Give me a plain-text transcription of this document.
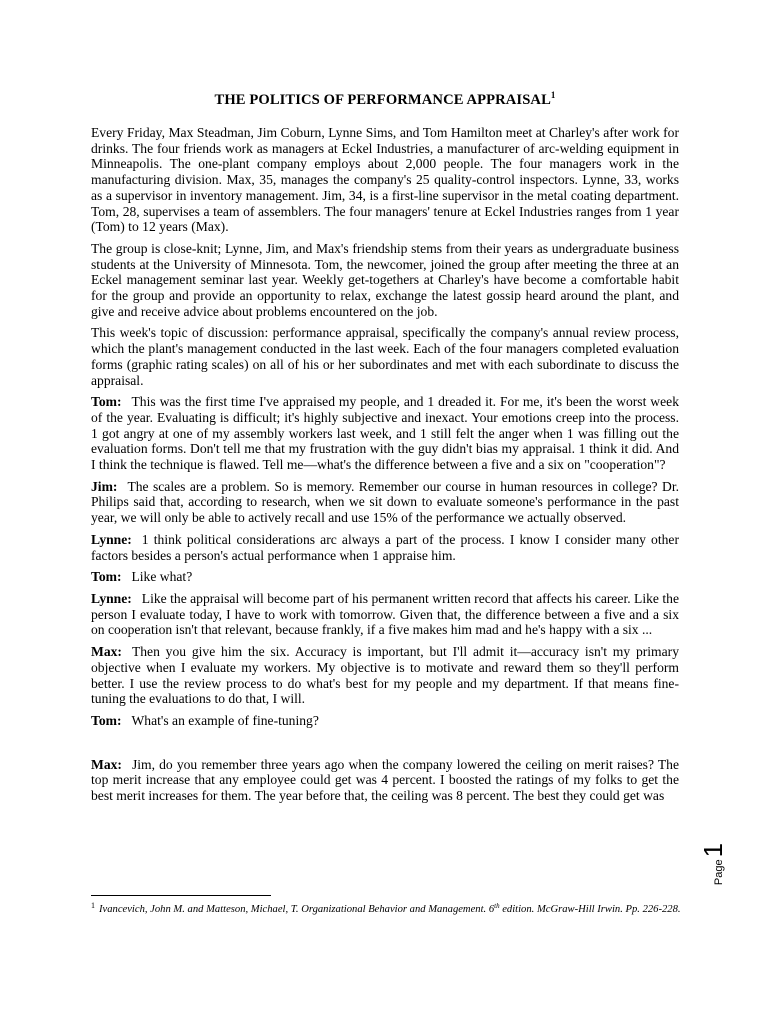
THE POLITICS OF PERFORMANCE APPRAISAL$^1$

Every Friday, Max Steadman, Jim Coburn, Lynne Sims, and Tom Hamilton meet at Charley's after work for drinks. The four friends work as managers at Eckel Industries, a manufacturer of arc-welding equipment in Minneapolis. The one-plant company employs about 2,000 people. The four managers work in the manufacturing division. Max, 35, manages the company's 25 quality-control inspectors. Lynne, 33, works as a supervisor in inventory management. Jim, 34, is a first-line supervisor in the metal coating department. Tom, 28, supervises a team of assemblers. The four managers' tenure at Eckel Industries ranges from 1 year (Tom) to 12 years (Max).

The group is close-knit; Lynne, Jim, and Max's friendship stems from their years as undergraduate business students at the University of Minnesota. Tom, the newcomer, joined the group after meeting the three at an Eckel management seminar last year. Weekly get-togethers at Charley's have become a comfortable habit for the group and provide an opportunity to relax, exchange the latest gossip heard around the plant, and give and receive advice about problems encountered on the job.

This week's topic of discussion: performance appraisal, specifically the company's annual review process, which the plant's management conducted in the last week. Each of the four managers completed evaluation forms (graphic rating scales) on all of his or her subordinates and met with each subordinate to discuss the appraisal.

Tom: This was the first time I've appraised my people, and 1 dreaded it. For me, it's been the worst week of the year. Evaluating is difficult; it's highly subjective and inexact. Your emotions creep into the process. 1 got angry at one of my assembly workers last week, and 1 still felt the anger when 1 was filling out the evaluation forms. Don't tell me that my frustration with the guy didn't bias my appraisal. 1 think it did. And I think the technique is flawed. Tell me—what's the difference between a five and a six on "cooperation"?

Jim: The scales are a problem. So is memory. Remember our course in human resources in college? Dr. Philips said that, according to research, when we sit down to evaluate someone's performance in the past year, we will only be able to actively recall and use 15% of the performance we actually observed.

Lynne: 1 think political considerations arc always a part of the process. I know I consider many other factors besides a person's actual performance when 1 appraise him.

Tom: Like what?

Lynne: Like the appraisal will become part of his permanent written record that affects his career. Like the person I evaluate today, I have to work with tomorrow. Given that, the difference between a five and a six on cooperation isn't that relevant, because frankly, if a five makes him mad and he's happy with a six ...

Max: Then you give him the six. Accuracy is important, but I'll admit it—accuracy isn't my primary objective when I evaluate my workers. My objective is to motivate and reward them so they'll perform better. I use the review process to do what's best for my people and my department. If that means fine-tuning the evaluations to do that, I will.

Tom: What's an example of fine-tuning?

Max: Jim, do you remember three years ago when the company lowered the ceiling on merit raises? The top merit increase that any employee could get was 4 percent. I boosted the ratings of my folks to get the best merit increases for them. The year before that, the ceiling was 8 percent. The best they could get was

$^1$ Ivancevich, John M. and Matteson, Michael, T. Organizational Behavior and Management. 6th edition. McGraw-Hill Irwin. Pp. 226-228.
Page
1
